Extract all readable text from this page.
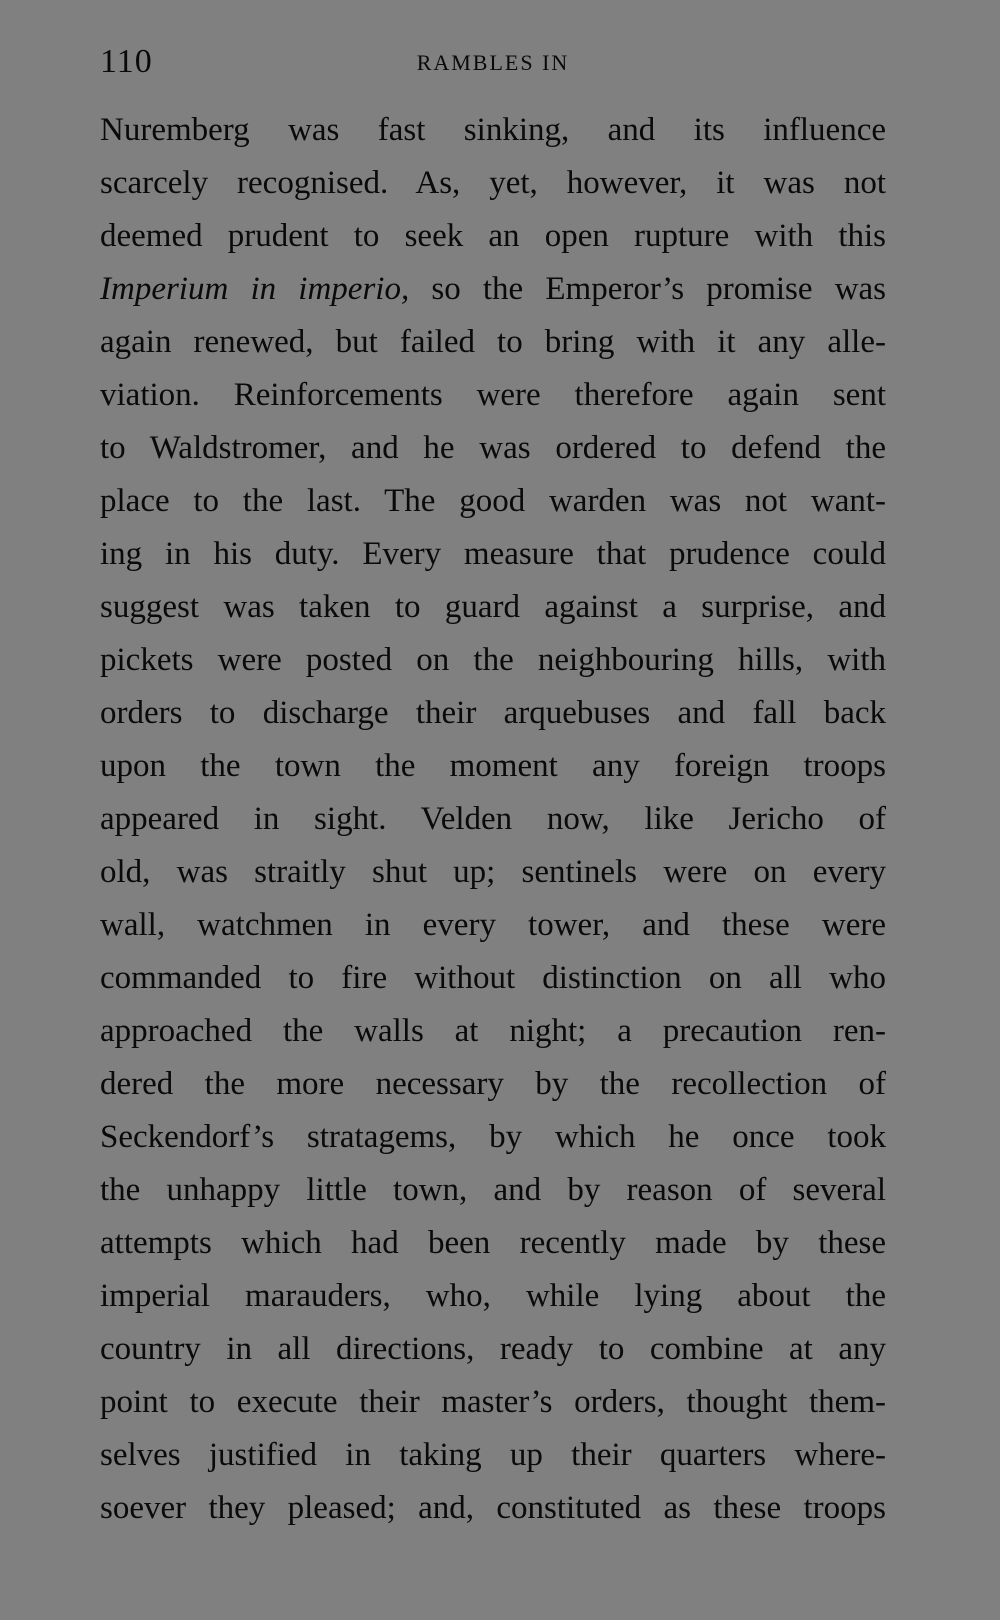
110	RAMBLES IN
Nuremberg was fast sinking, and its influence
scarcely recognised. As, yet, however, it was not
deemed prudent to seek an open rupture with this
Imperium in imperio, so the Emperor’s promise was
again renewed, but failed to bring with it any alle-
viation. Reinforcements were therefore again sent
to Waldstromer, and he was ordered to defend the
place to the last. The good warden was not want-
ing in his duty. Every measure that prudence could
suggest was taken to guard against a surprise, and
pickets were posted on the neighbouring hills, with
orders to discharge their arquebuses and fall back
upon the town the moment any foreign troops
appeared in sight. Velden now, like Jericho of
old, was straitly shut up; sentinels were on every
wall, watchmen in every tower, and these were
commanded to fire without distinction on all who
approached the walls at night; a precaution ren-
dered the more necessary by the recollection of
Seckendorf’s stratagems, by which he once took
the unhappy little town, and by reason of several
attempts which had been recently made by these
imperial marauders, who, while lying about the
country in all directions, ready to combine at any
point to execute their master’s orders, thought them-
selves justified in taking up their quarters where-
soever they pleased; and, constituted as these troops
